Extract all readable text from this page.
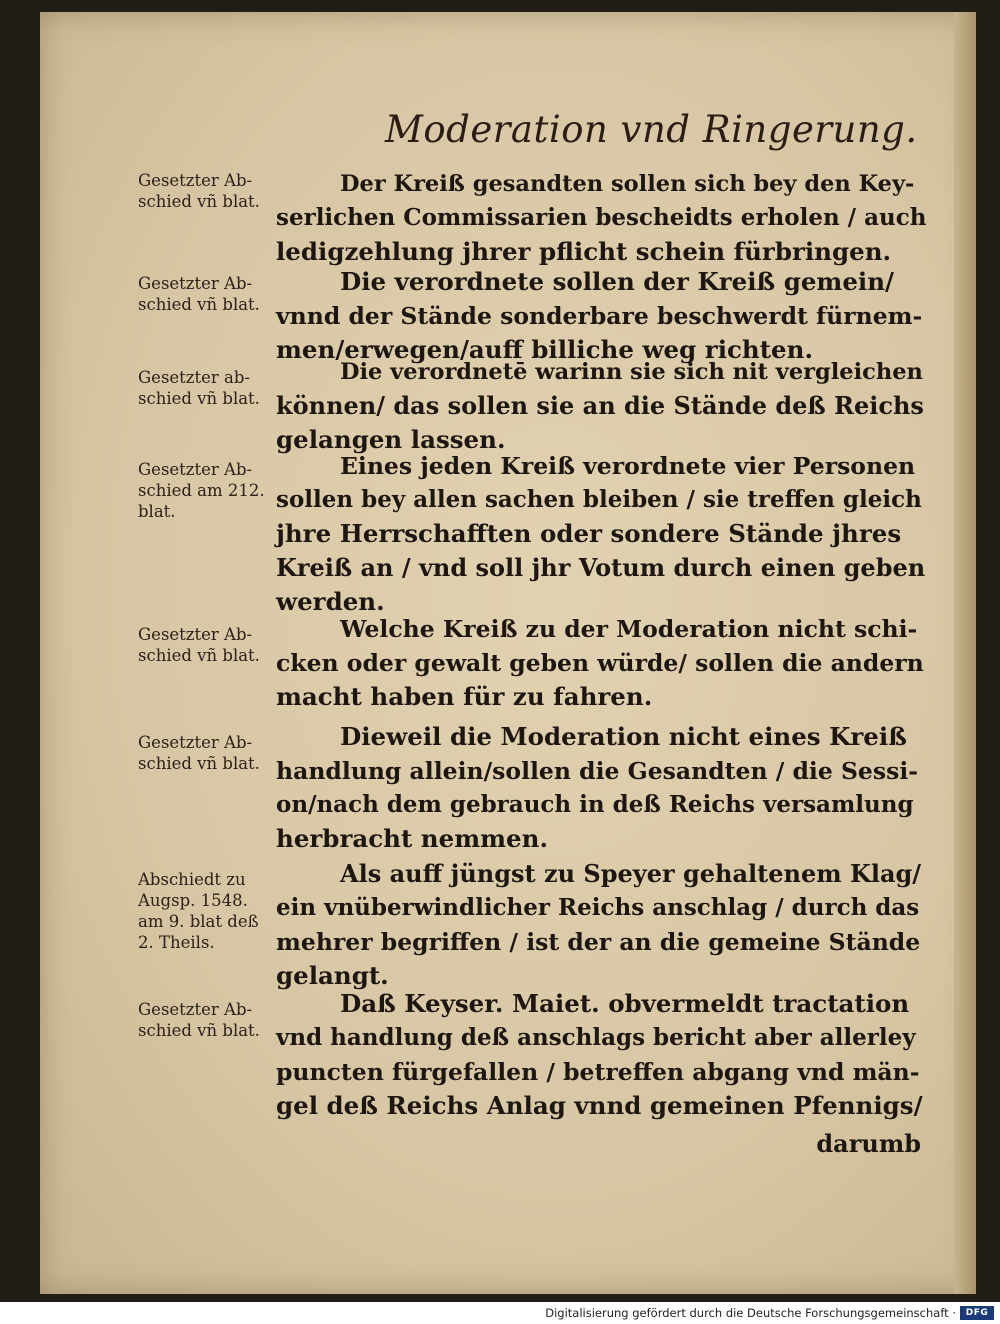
Moderation vnd Ringerung.
Gesetzter Ab-
schied vñ blat.
Der Kreiß gesandten sollen sich bey den Key-
serlichen Commissarien bescheidts erholen / auch
ledigzehlung jhrer pflicht schein fürbringen.
Gesetzter Ab-
schied vñ blat.
Die verordnete sollen der Kreiß gemein/
vnnd der Stände sonderbare beschwerdt fürnem-
men/erwegen/auff billiche weg richten.
Gesetzter ab-
schied vñ blat.
Die verordnetē warinn sie sich nit vergleichen
können/ das sollen sie an die Stände deß Reichs
gelangen lassen.
Gesetzter Ab-
schied am 212.
blat.
Eines jeden Kreiß verordnete vier Personen
sollen bey allen sachen bleiben / sie treffen gleich
jhre Herrschafften oder sondere Stände jhres
Kreiß an / vnd soll jhr Votum durch einen geben
werden.
Gesetzter Ab-
schied vñ blat.
Welche Kreiß zu der Moderation nicht schi-
cken oder gewalt geben würde/ sollen die andern
macht haben für zu fahren.
Gesetzter Ab-
schied vñ blat.
Dieweil die Moderation nicht eines Kreiß
handlung allein/sollen die Gesandten / die Sessi-
on/nach dem gebrauch in deß Reichs versamlung
herbracht nemmen.
Abschiedt zu
Augsp. 1548.
am 9. blat deß
2. Theils.
Als auff jüngst zu Speyer gehaltenem Klag/
ein vnüberwindlicher Reichs anschlag / durch das
mehrer begriffen / ist der an die gemeine Stände
gelangt.
Gesetzter Ab-
schied vñ blat.
Daß Keyser. Maiet. obvermeldt tractation
vnd handlung deß anschlags bericht aber allerley
puncten fürgefallen / betreffen abgang vnd män-
gel deß Reichs Anlag vnnd gemeinen Pfennigs/
darumb
Digitalisierung gefördert durch die Deutsche Forschungsgemeinschaft ·	DFG
